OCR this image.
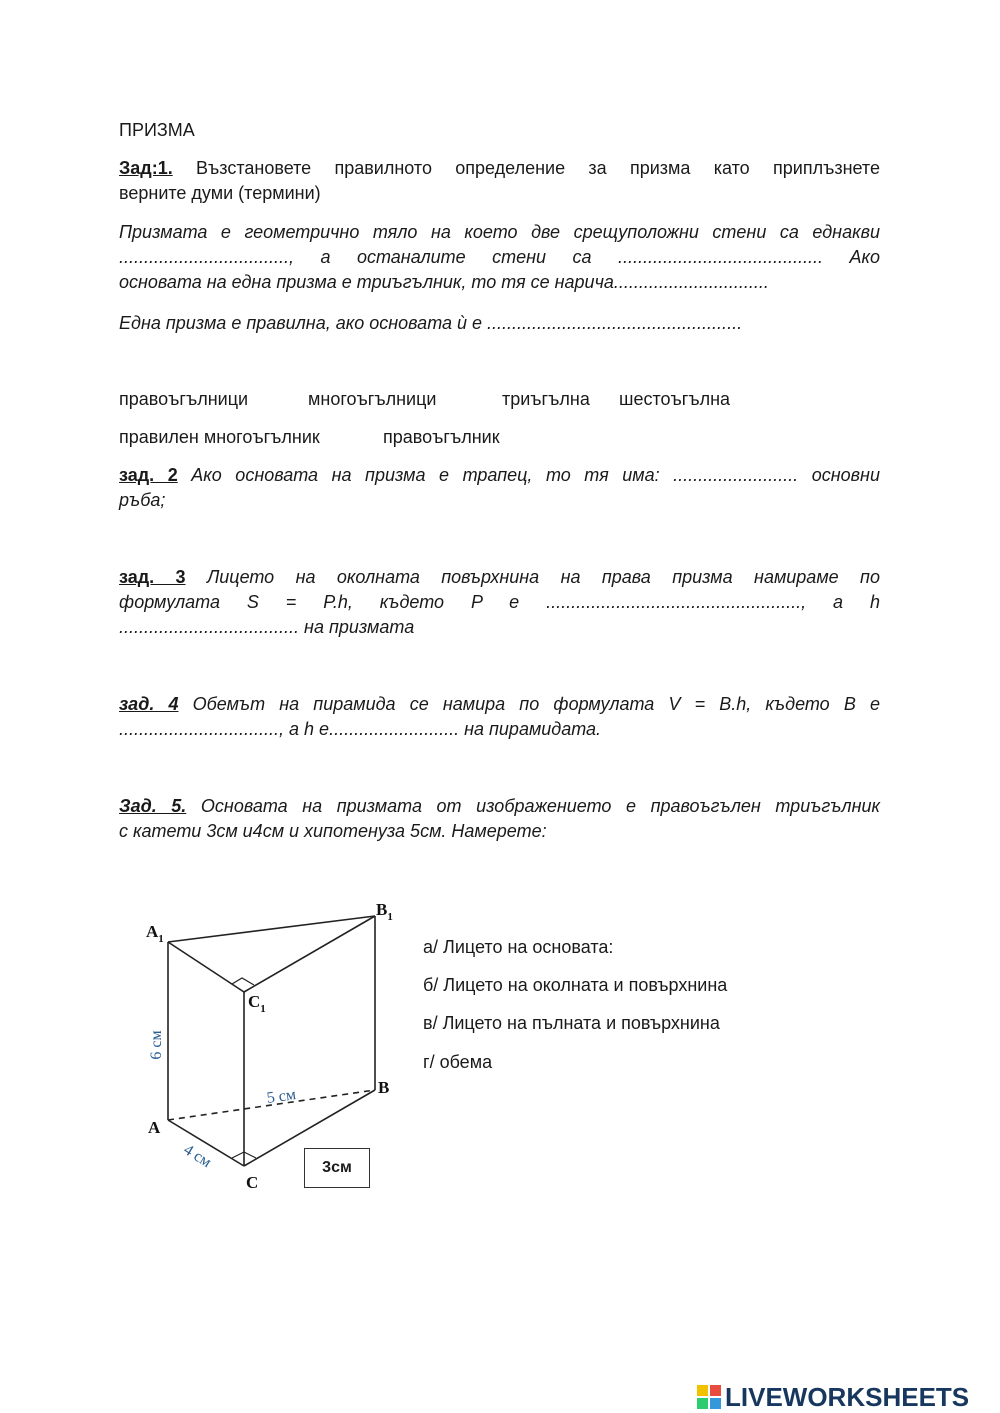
ПРИЗМА
Зад:1. Възстановете правилното определение за призма като приплъзнете
верните думи (термини)
Призмата е геометрично тяло на което две срещуположни стени са еднакви
.................................., а останалите стени са ......................................... Ако
основата на една призма е триъгълник, то тя се нарича...............................
Една призма е правилна, ако основата ѝ е ...................................................
правоъгълници	многоъгълници	триъгълна шестоъгълна
правилен многоъгълник	правоъгълник
зад. 2 Ако основата на призма е трапец, то тя има: ......................... основни
ръба;
зад. 3 Лицето на околната повърхнина на права призма намираме по
формулата S = P.h, където P е ..................................................., а h
.................................... на призмата
зад. 4 Обемът на пирамида се намира по формулата V = B.h, където B е
................................, а h е.......................... на пирамидата.
Зад. 5. Основата на призмата от изображението е правоъгълен триъгълник
с катети 3см и4см и хипотенуза 5см. Намерете:
а/ Лицето на основата:
б/ Лицето на околната и повърхнина
в/ Лицето на пълната и повърхнина
г/ обема
$A_1$
$B_1$
$C_1$
A
B
C
6 см
5 см
4 см	3см
LIVEWORKSHEETS
